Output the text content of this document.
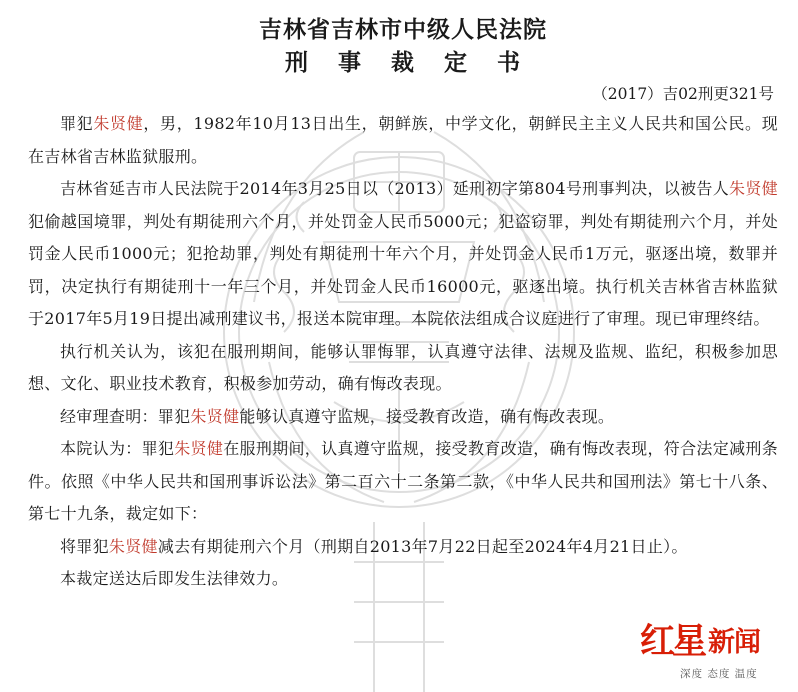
吉林省吉林市中级人民法院
刑 事 裁 定 书
（2017）吉02刑更321号

罪犯朱贤健，男，1982年10月13日出生，朝鲜族，中学文化，朝鲜民主主义人民共和国公民。现在吉林省吉林监狱服刑。

吉林省延吉市人民法院于2014年3月25日以（2013）延刑初字第804号刑事判决，以被告人朱贤健犯偷越国境罪，判处有期徒刑六个月，并处罚金人民币5000元；犯盗窃罪，判处有期徒刑六个月，并处罚金人民币1000元；犯抢劫罪，判处有期徒刑十年六个月，并处罚金人民币1万元，驱逐出境，数罪并罚，决定执行有期徒刑十一年三个月，并处罚金人民币16000元，驱逐出境。执行机关吉林省吉林监狱于2017年5月19日提出减刑建议书，报送本院审理。本院依法组成合议庭进行了审理。现已审理终结。

执行机关认为，该犯在服刑期间，能够认罪悔罪，认真遵守法律、法规及监规、监纪，积极参加思想、文化、职业技术教育，积极参加劳动，确有悔改表现。

经审理查明：罪犯朱贤健能够认真遵守监规，接受教育改造，确有悔改表现。

本院认为：罪犯朱贤健在服刑期间，认真遵守监规，接受教育改造，确有悔改表现，符合法定减刑条件。依照《中华人民共和国刑事诉讼法》第二百六十二条第二款，《中华人民共和国刑法》第七十八条、第七十九条，裁定如下：

将罪犯朱贤健减去有期徒刑六个月（刑期自2013年7月22日起至2024年4月21日止）。

本裁定送达后即发生法律效力。

红星 新闻
深度 态度 温度
